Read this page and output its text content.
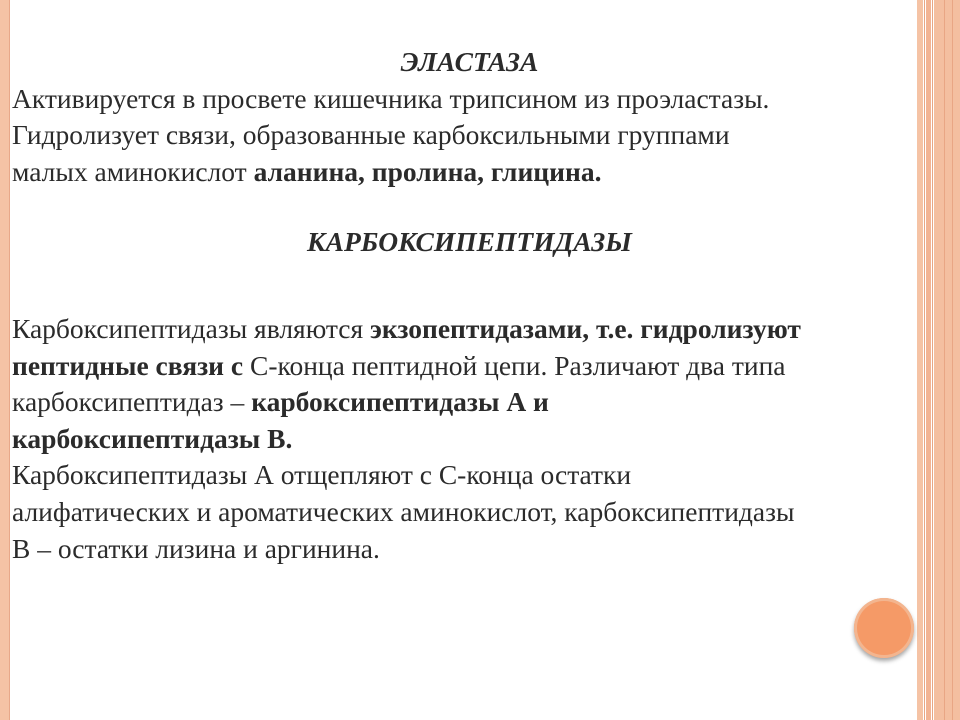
ЭЛАСТАЗА

Активируется в просвете кишечника трипсином из проэластазы.

Гидролизует связи, образованные карбоксильными группами

малых аминокислот аланина, пролина, глицина.

КАРБОКСИПЕПТИДАЗЫ

Карбоксипептидазы являются экзопептидазами, т.е. гидролизуют

пептидные связи с С-конца пептидной цепи. Различают два типа

карбоксипептидаз – карбоксипептидазы А и

карбоксипептидазы В.

Карбоксипептидазы А отщепляют с С-конца остатки

алифатических и ароматических аминокислот, карбоксипептидазы

В – остатки лизина и аргинина.
